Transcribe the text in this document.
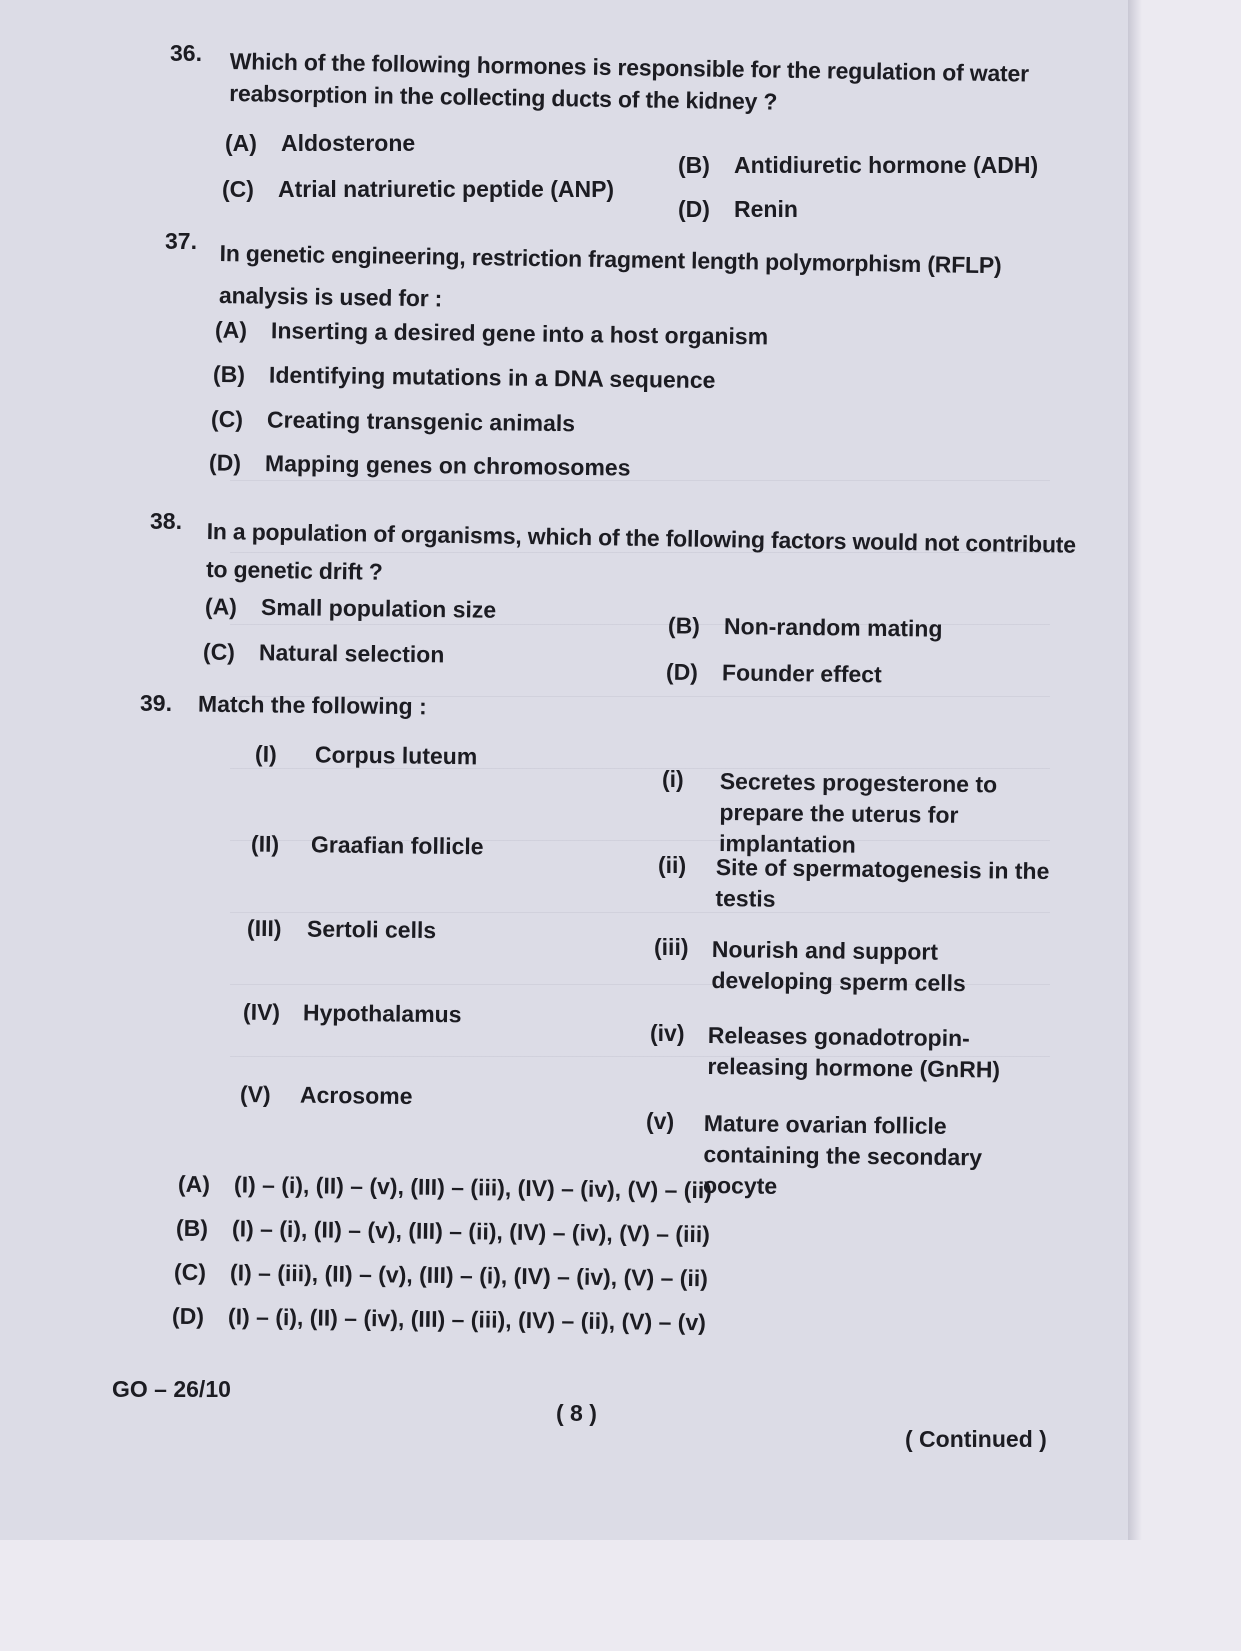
36. Which of the following hormones is responsible for the regulation of water reabsorption in the collecting ducts of the kidney ?
(A) Aldosterone
(B) Antidiuretic hormone (ADH)
(C) Atrial natriuretic peptide (ANP)
(D) Renin
37. In genetic engineering, restriction fragment length polymorphism (RFLP) analysis is used for :
(A) Inserting a desired gene into a host organism
(B) Identifying mutations in a DNA sequence
(C) Creating transgenic animals
(D) Mapping genes on chromosomes
38. In a population of organisms, which of the following factors would not contribute to genetic drift ?
(A) Small population size
(B) Non-random mating
(C) Natural selection
(D) Founder effect
39. Match the following :
(I) Corpus luteum
(II) Graafian follicle
(III) Sertoli cells
(IV) Hypothalamus
(V) Acrosome
(i) Secretes progesterone to prepare the uterus for implantation
(ii) Site of spermatogenesis in the testis
(iii) Nourish and support developing sperm cells
(iv) Releases gonadotropin-releasing hormone (GnRH)
(v) Mature ovarian follicle containing the secondary oocyte
(A) (I) – (i), (II) – (v), (III) – (iii), (IV) – (iv), (V) – (ii)
(B) (I) – (i), (II) – (v), (III) – (ii), (IV) – (iv), (V) – (iii)
(C) (I) – (iii), (II) – (v), (III) – (i), (IV) – (iv), (V) – (ii)
(D) (I) – (i), (II) – (iv), (III) – (iii), (IV) – (ii), (V) – (v)
GO – 26/10
( 8 )
( Continued )
